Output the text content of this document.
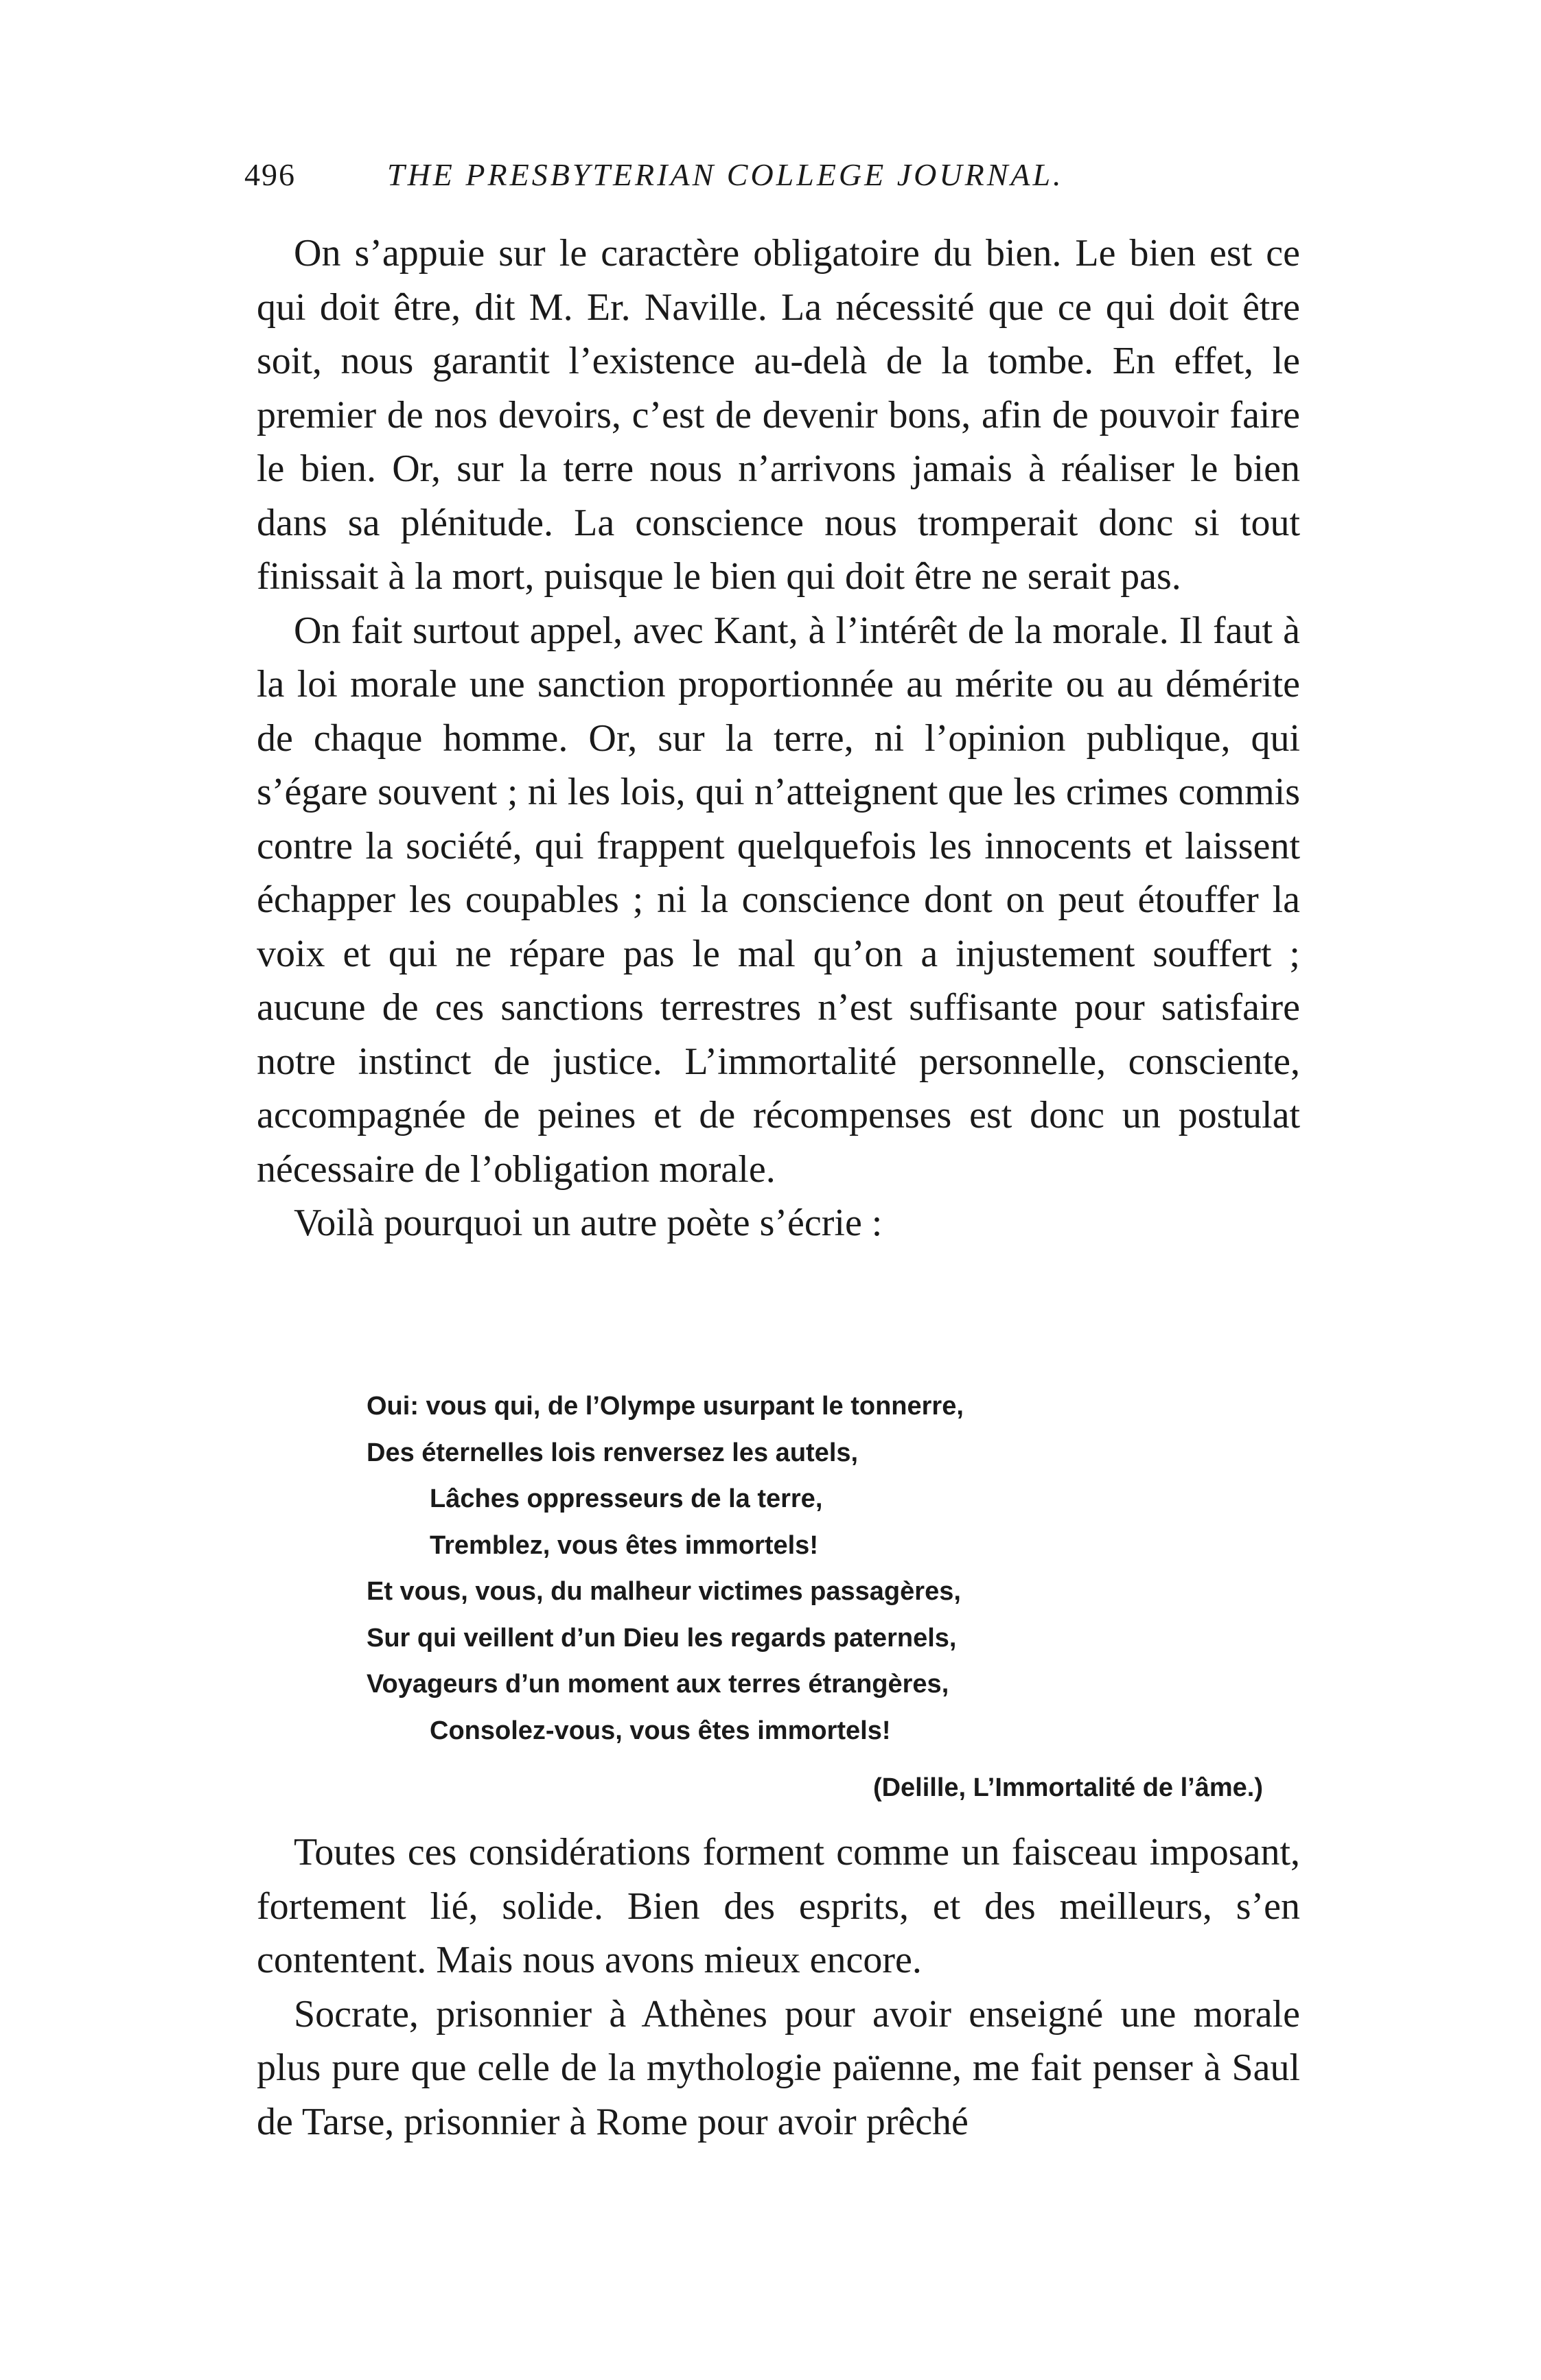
496	THE PRESBYTERIAN COLLEGE JOURNAL.

On s’appuie sur le caractère obligatoire du bien. Le bien est ce qui doit être, dit M. Er. Naville. La nécessité que ce qui doit être soit, nous garantit l’existence au-delà de la tombe. En effet, le premier de nos devoirs, c’est de devenir bons, afin de pouvoir faire le bien. Or, sur la terre nous n’arrivons jamais à réaliser le bien dans sa plénitude. La conscience nous tromperait donc si tout finissait à la mort, puisque le bien qui doit être ne serait pas.

On fait surtout appel, avec Kant, à l’intérêt de la morale. Il faut à la loi morale une sanction proportionnée au mérite ou au démérite de chaque homme. Or, sur la terre, ni l’opinion publique, qui s’égare souvent ; ni les lois, qui n’atteignent que les crimes commis contre la société, qui frappent quelquefois les innocents et laissent échapper les coupables ; ni la conscience dont on peut étouffer la voix et qui ne répare pas le mal qu’on a injustement souffert ; aucune de ces sanctions terrestres n’est suffisante pour satisfaire notre instinct de justice. L’immortalité personnelle, consciente, accompagnée de peines et de récompenses est donc un postulat nécessaire de l’obligation morale.

Voilà pourquoi un autre poète s’écrie :

Oui: vous qui, de l’Olympe usurpant le tonnerre,
Des éternelles lois renversez les autels,
Lâches oppresseurs de la terre,
Tremblez, vous êtes immortels!
Et vous, vous, du malheur victimes passagères,
Sur qui veillent d’un Dieu les regards paternels,
Voyageurs d’un moment aux terres étrangères,
Consolez-vous, vous êtes immortels!
(Delille, L’Immortalité de l’âme.)

Toutes ces considérations forment comme un faisceau imposant, fortement lié, solide. Bien des esprits, et des meilleurs, s’en contentent. Mais nous avons mieux encore.

Socrate, prisonnier à Athènes pour avoir enseigné une morale plus pure que celle de la mythologie païenne, me fait penser à Saul de Tarse, prisonnier à Rome pour avoir prêché
